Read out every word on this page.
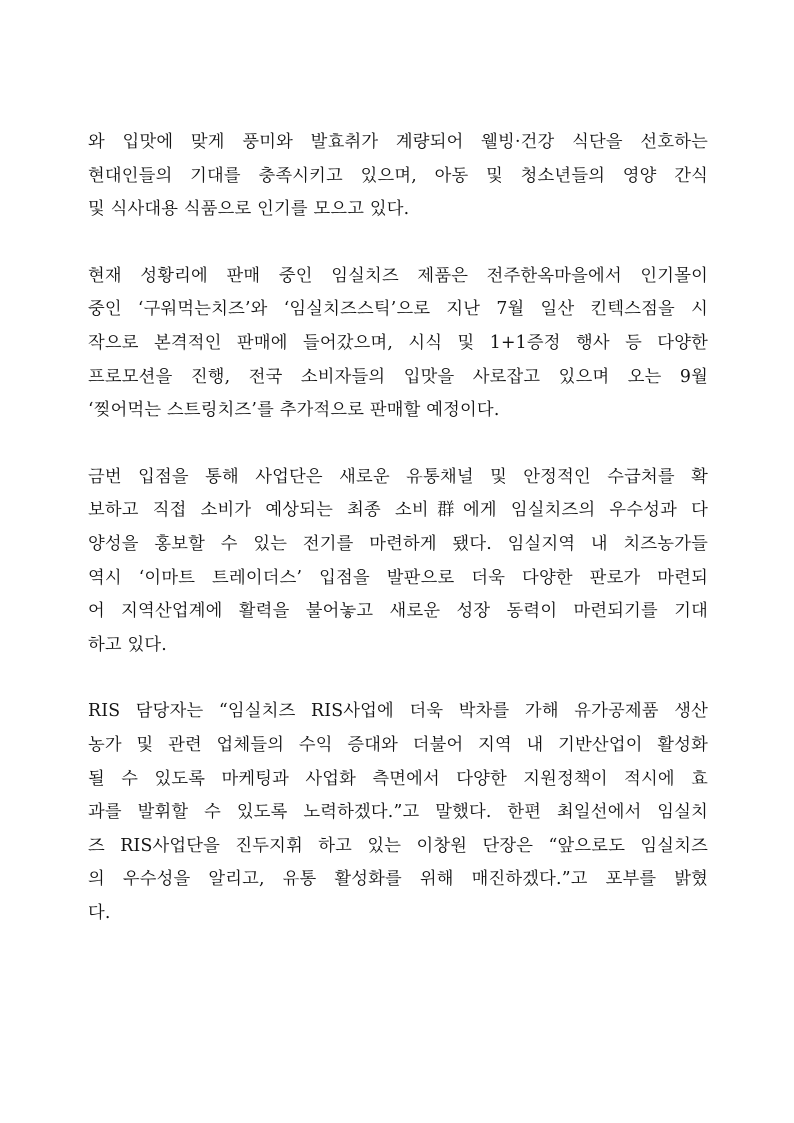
와 입맛에 맞게 풍미와 발효취가 계량되어 웰빙·건강 식단을 선호하는
현대인들의 기대를 충족시키고 있으며, 아동 및 청소년들의 영양 간식
및 식사대용 식품으로 인기를 모으고 있다.
현재 성황리에 판매 중인 임실치즈 제품은 전주한옥마을에서 인기몰이
중인 ‘구워먹는치즈’와 ‘임실치즈스틱’으로 지난 7월 일산 킨텍스점을 시
작으로 본격적인 판매에 들어갔으며, 시식 및 1+1증정 행사 등 다양한
프로모션을 진행, 전국 소비자들의 입맛을 사로잡고 있으며 오는 9월
‘찢어먹는 스트링치즈’를 추가적으로 판매할 예정이다.
금번 입점을 통해 사업단은 새로운 유통채널 및 안정적인 수급처를 확
보하고 직접 소비가 예상되는 최종 소비群에게 임실치즈의 우수성과 다
양성을 홍보할 수 있는 전기를 마련하게 됐다. 임실지역 내 치즈농가들
역시 ‘이마트 트레이더스’ 입점을 발판으로 더욱 다양한 판로가 마련되
어 지역산업계에 활력을 불어놓고 새로운 성장 동력이 마련되기를 기대
하고 있다.
RIS 담당자는 “임실치즈 RIS사업에 더욱 박차를 가해 유가공제품 생산
농가 및 관련 업체들의 수익 증대와 더불어 지역 내 기반산업이 활성화
될 수 있도록 마케팅과 사업화 측면에서 다양한 지원정책이 적시에 효
과를 발휘할 수 있도록 노력하겠다.”고 말했다. 한편 최일선에서 임실치
즈 RIS사업단을 진두지휘 하고 있는 이창원 단장은 “앞으로도 임실치즈
의 우수성을 알리고, 유통 활성화를 위해 매진하겠다.”고 포부를 밝혔
다.
